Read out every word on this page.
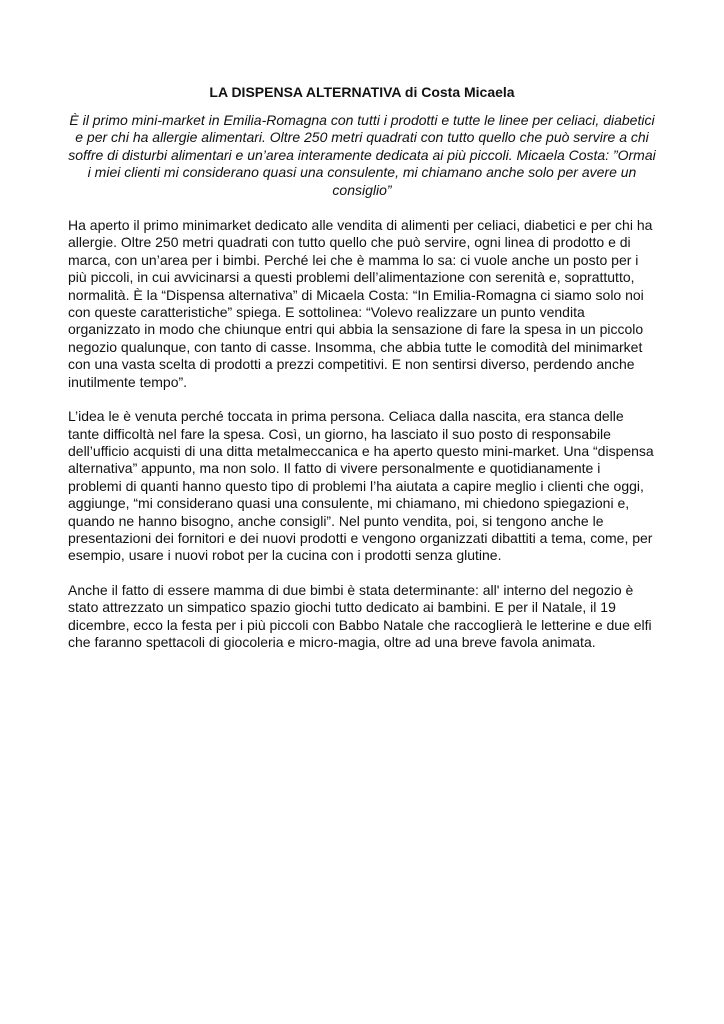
LA DISPENSA ALTERNATIVA di Costa Micaela

È il primo mini-market in Emilia-Romagna con tutti i prodotti e tutte le linee per celiaci, diabetici e per chi ha allergie alimentari. Oltre 250 metri quadrati con tutto quello che può servire a chi soffre di disturbi alimentari e un’area interamente dedicata ai più piccoli. Micaela Costa: ”Ormai i miei clienti mi considerano quasi una consulente, mi chiamano anche solo per avere un consiglio”

Ha aperto il primo minimarket dedicato alle vendita di alimenti per celiaci, diabetici e per chi ha allergie. Oltre 250 metri quadrati con tutto quello che può servire, ogni linea di prodotto e di marca, con un’area per i bimbi. Perché lei che è mamma lo sa: ci vuole anche un posto per i più piccoli, in cui avvicinarsi a questi problemi dell’alimentazione con serenità e, soprattutto, normalità. È la “Dispensa alternativa” di Micaela Costa: “In Emilia-Romagna ci siamo solo noi con queste caratteristiche” spiega. E sottolinea: “Volevo realizzare un punto vendita organizzato in modo che chiunque entri qui abbia la sensazione di fare la spesa in un piccolo negozio qualunque, con tanto di casse. Insomma, che abbia tutte le comodità del minimarket con una vasta scelta di prodotti a prezzi competitivi. E non sentirsi diverso, perdendo anche inutilmente tempo”.

L’idea le è venuta perché toccata in prima persona. Celiaca dalla nascita, era stanca delle tante difficoltà nel fare la spesa. Così, un giorno, ha lasciato il suo posto di responsabile dell’ufficio acquisti di una ditta metalmeccanica e ha aperto questo mini-market. Una “dispensa alternativa” appunto, ma non solo. Il fatto di vivere personalmente e quotidianamente i problemi di quanti hanno questo tipo di problemi l’ha aiutata a capire meglio i clienti che oggi, aggiunge, “mi considerano quasi una consulente, mi chiamano, mi chiedono spiegazioni e, quando ne hanno bisogno, anche consigli”. Nel punto vendita, poi, si tengono anche le presentazioni dei fornitori e dei nuovi prodotti e vengono organizzati dibattiti a tema, come, per esempio, usare i nuovi robot per la cucina con i prodotti senza glutine.

Anche il fatto di essere mamma di due bimbi è stata determinante: all' interno del negozio è stato attrezzato un simpatico spazio giochi tutto dedicato ai bambini. E per il Natale, il 19 dicembre, ecco la festa per i più piccoli con Babbo Natale che raccoglierà le letterine e due elfi che faranno spettacoli di giocoleria e micro-magia, oltre ad una breve favola animata.
